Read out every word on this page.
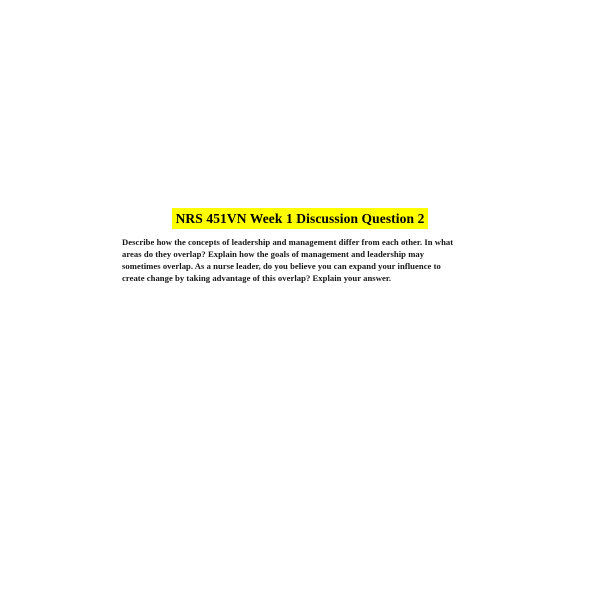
NRS 451VN Week 1 Discussion Question 2
Describe how the concepts of leadership and management differ from each other. In what
areas do they overlap? Explain how the goals of management and leadership may
sometimes overlap. As a nurse leader, do you believe you can expand your influence to
create change by taking advantage of this overlap? Explain your answer.
